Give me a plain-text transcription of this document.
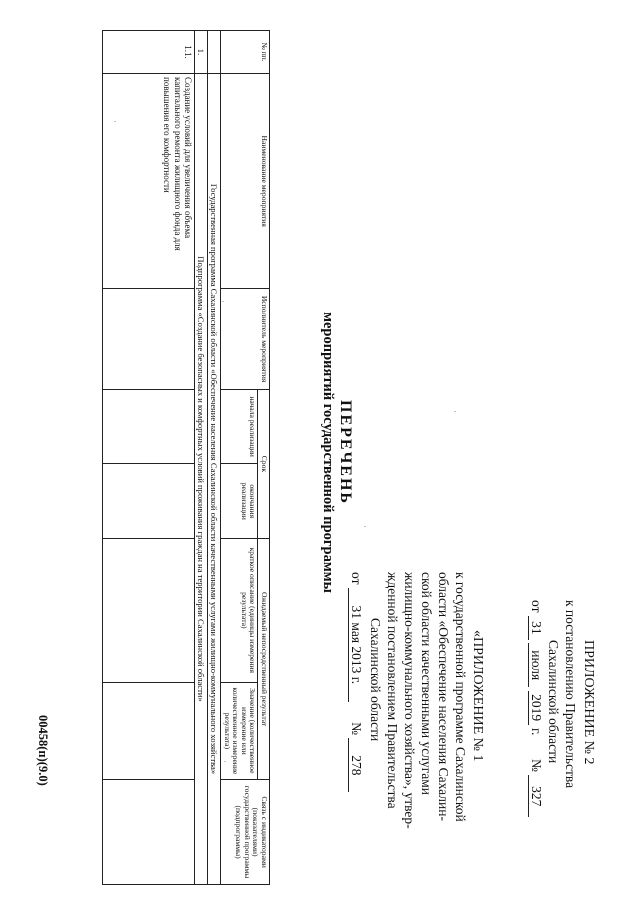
ПРИЛОЖЕНИЕ № 2
к постановлению Правительства
Сахалинской области
от 31 июля 2019 г.       № 327
«ПРИЛОЖЕНИЕ № 1
к государственной программе Сахалинской
области «Обеспечение населения Сахалин-
ской области качественными услугами
жилищно-коммунального хозяйства», утвер-
жденной постановлением Правительства
Сахалинской области
от 31 мая 2013 г.      № 278
ПЕРЕЧЕНЬ
мероприятий государственной программы
№ пп.	Наименование мероприятия	Исполнитель мероприятия	Срок		Ожидаемый непосредственный результат		Связь с индикаторами (показателями) государственной программы (подпрограммы)
			начала реализации	окончания реализации	краткое описание (единицы измерения результата)	Значение (количественное измерение или количественное измерение результата)	
	Государственная программа Сахалинской области «Обеспечение населения Сахалинской области качественными услугами жилищно-коммунального хозяйства»						
1.	Подпрограмма «Создание безопасных и комфортных условий проживания граждан на территории Сахалинской области»						
1.1.	Создание условий для увеличения объема капитального ремонта жилищного фонда для повышения его комфортности						
00458(п)(9.0)
·
·
·
·
·
